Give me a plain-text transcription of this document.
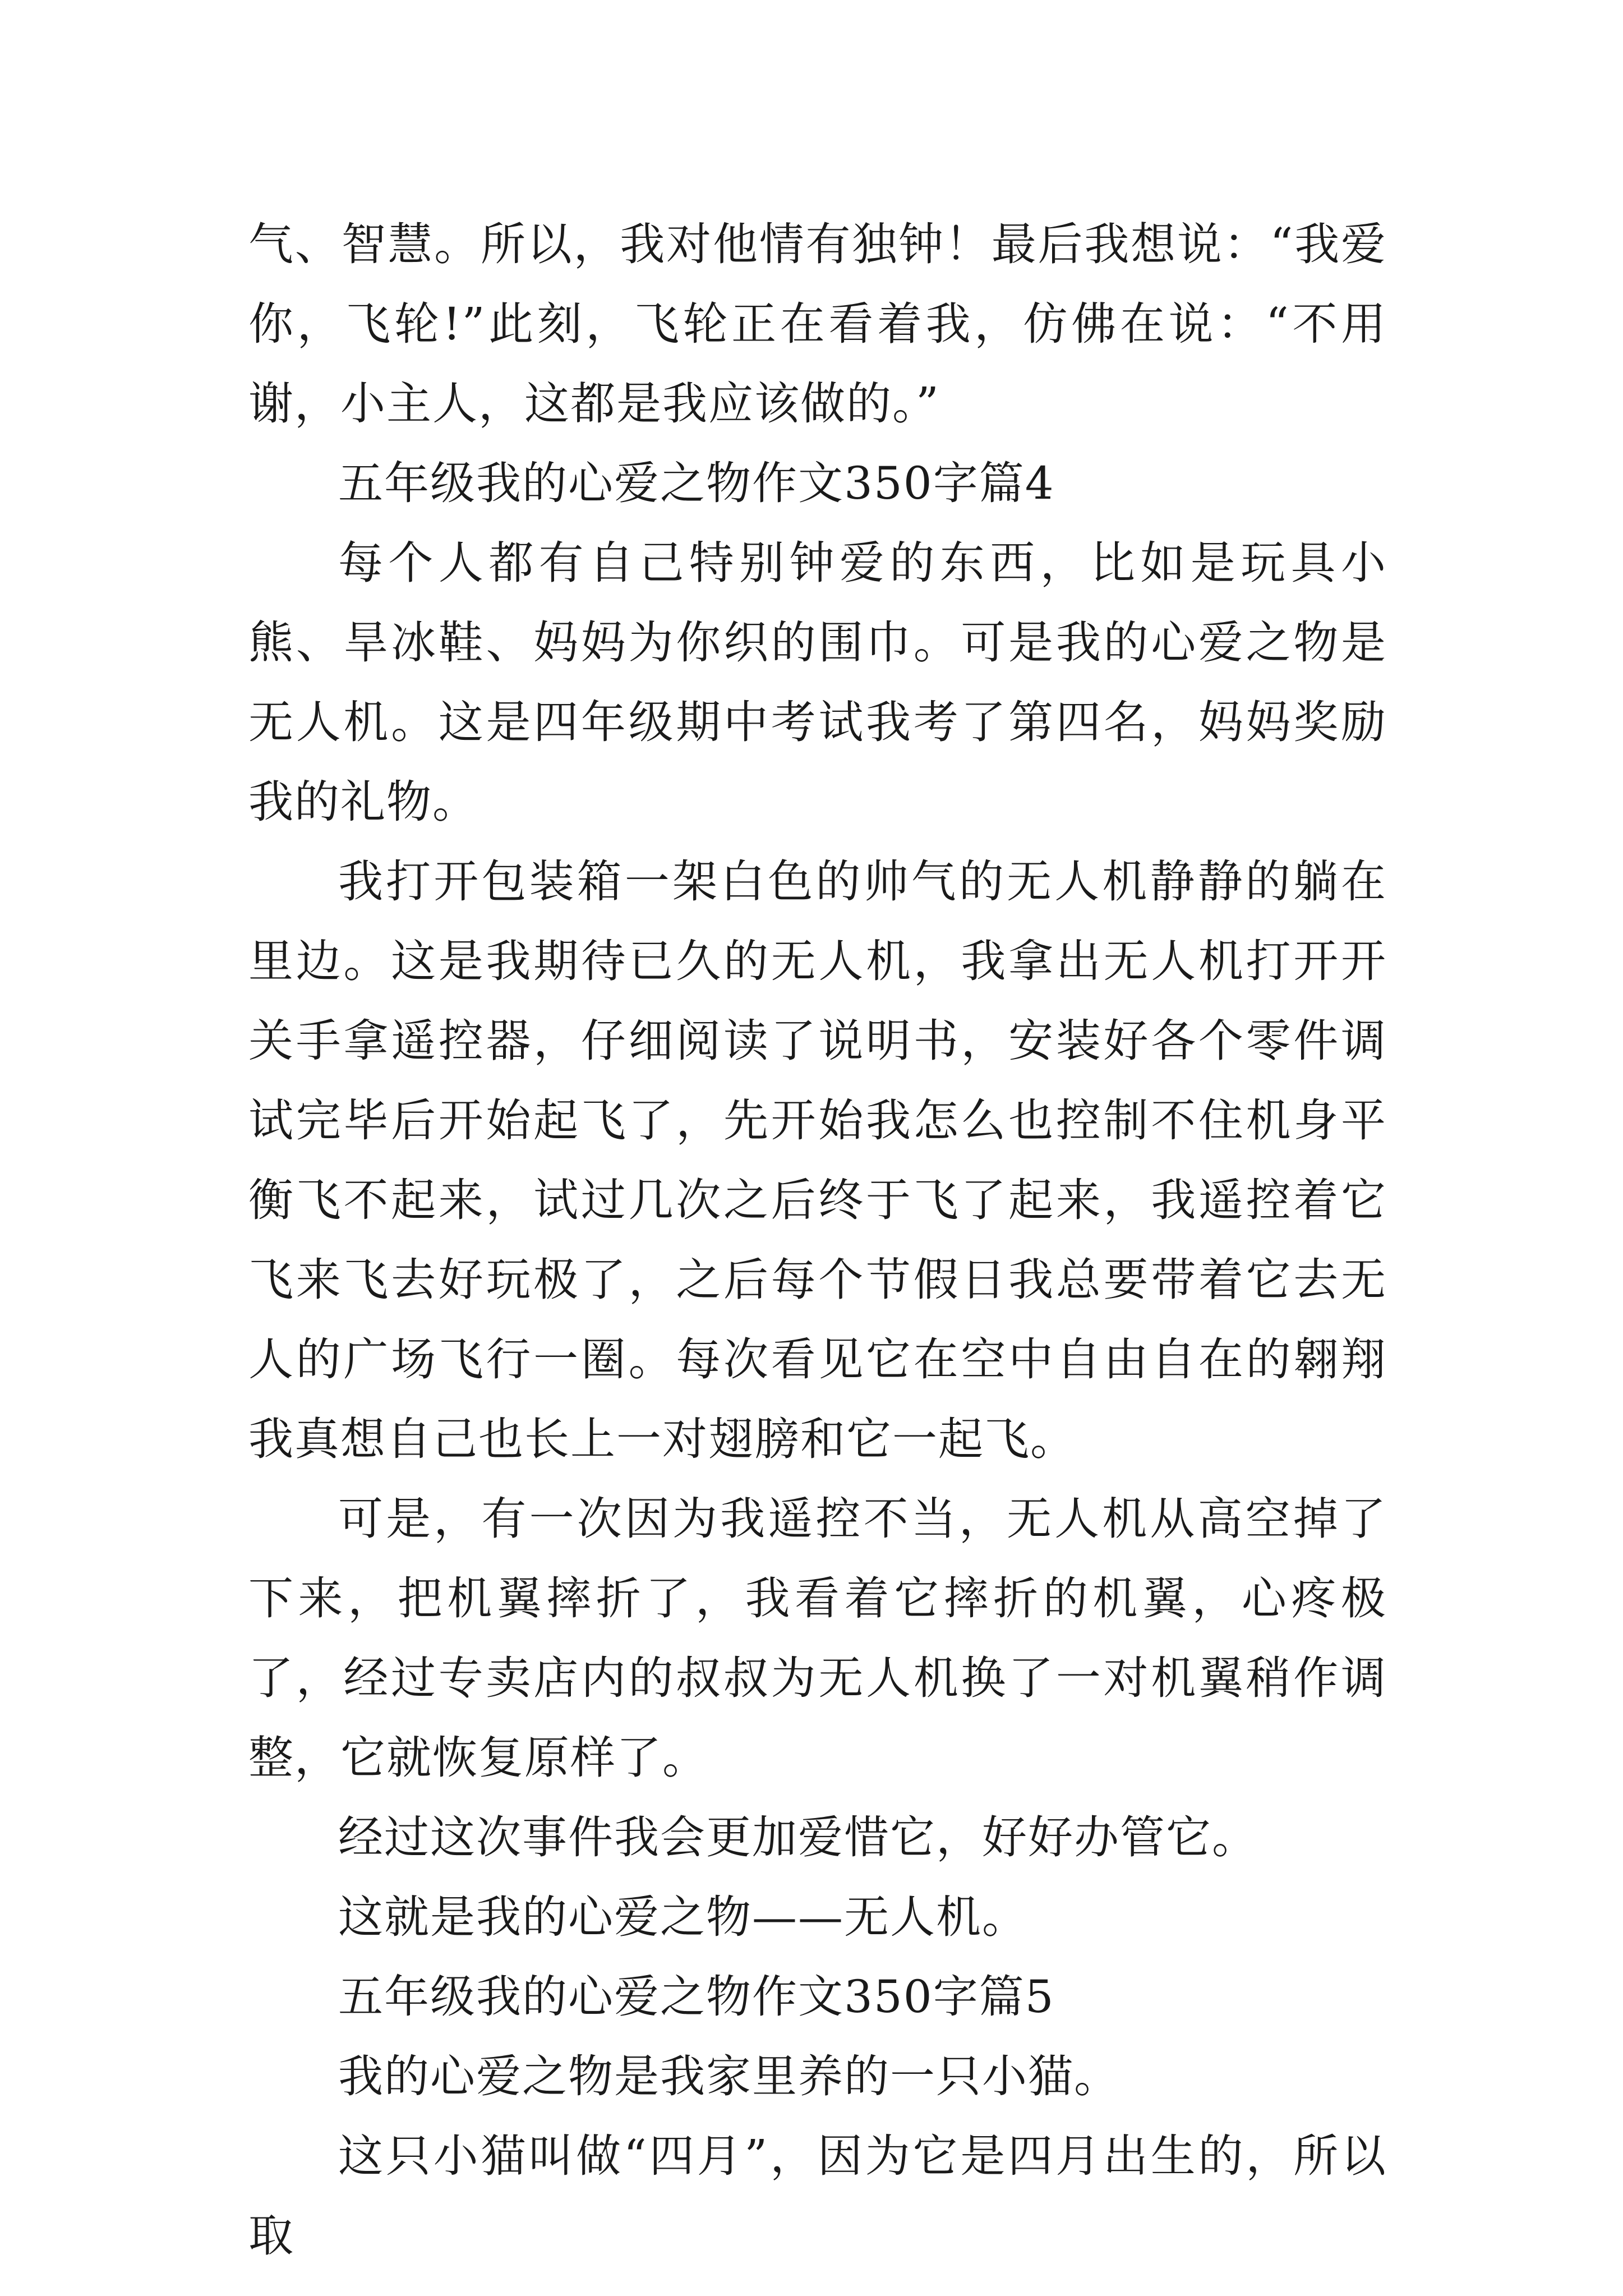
气、智慧。所以，我对他情有独钟！最后我想说：“我爱你，飞轮!”此刻，飞轮正在看着我，仿佛在说：“不用谢，小主人，这都是我应该做的。”

五年级我的心爱之物作文350字篇4

每个人都有自己特别钟爱的东西，比如是玩具小熊、旱冰鞋、妈妈为你织的围巾。可是我的心爱之物是无人机。这是四年级期中考试我考了第四名，妈妈奖励我的礼物。

我打开包装箱一架白色的帅气的无人机静静的躺在里边。这是我期待已久的无人机，我拿出无人机打开开关手拿遥控器，仔细阅读了说明书，安装好各个零件调试完毕后开始起飞了，先开始我怎么也控制不住机身平衡飞不起来，试过几次之后终于飞了起来，我遥控着它飞来飞去好玩极了，之后每个节假日我总要带着它去无人的广场飞行一圈。每次看见它在空中自由自在的翱翔我真想自己也长上一对翅膀和它一起飞。

可是，有一次因为我遥控不当，无人机从高空掉了下来，把机翼摔折了，我看着它摔折的机翼，心疼极了，经过专卖店内的叔叔为无人机换了一对机翼稍作调整，它就恢复原样了。

经过这次事件我会更加爱惜它，好好办管它。

这就是我的心爱之物——无人机。

五年级我的心爱之物作文350字篇5

我的心爱之物是我家里养的一只小猫。

这只小猫叫做“四月”，因为它是四月出生的，所以取
